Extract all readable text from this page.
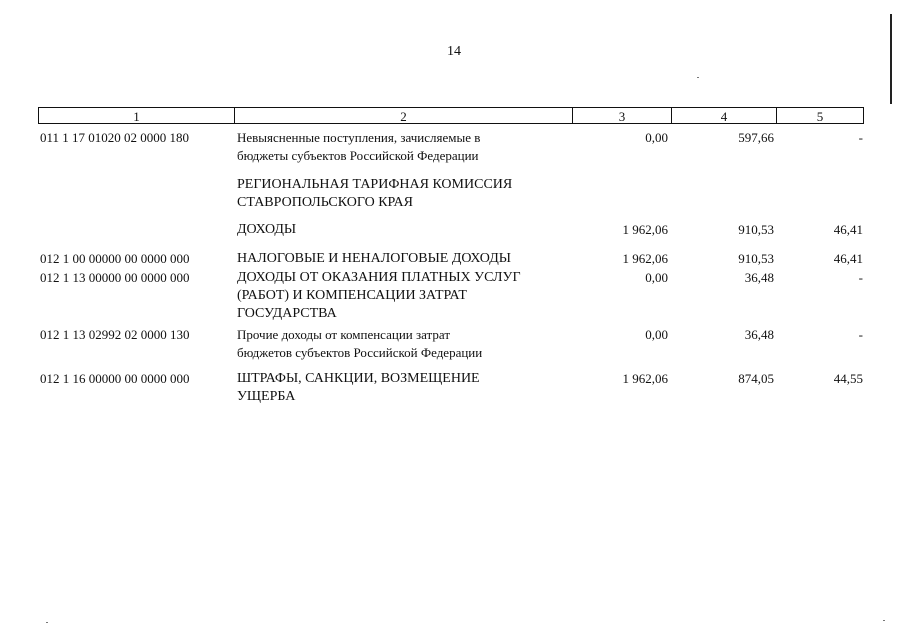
14
1	2	3	4	5
011 1 17 01020 02 0000 180	Невыясненные поступления, зачисляемые в
бюджеты субъектов Российской Федерации
0,00	597,66	-
РЕГИОНАЛЬНАЯ ТАРИФНАЯ КОМИССИЯ
СТАВРОПОЛЬСКОГО КРАЯ
ДОХОДЫ	1 962,06	910,53	46,41
012 1 00 00000 00 0000 000	НАЛОГОВЫЕ И НЕНАЛОГОВЫЕ ДОХОДЫ	1 962,06	910,53	46,41
012 1 13 00000 00 0000 000	ДОХОДЫ ОТ ОКАЗАНИЯ ПЛАТНЫХ УСЛУГ
(РАБОТ) И КОМПЕНСАЦИИ ЗАТРАТ
ГОСУДАРСТВА
0,00	36,48	-
012 1 13 02992 02 0000 130	Прочие доходы от компенсации затрат
бюджетов субъектов Российской Федерации
0,00	36,48	-
012 1 16 00000 00 0000 000	ШТРАФЫ, САНКЦИИ, ВОЗМЕЩЕНИЕ
УЩЕРБА
1 962,06	874,05	44,55
